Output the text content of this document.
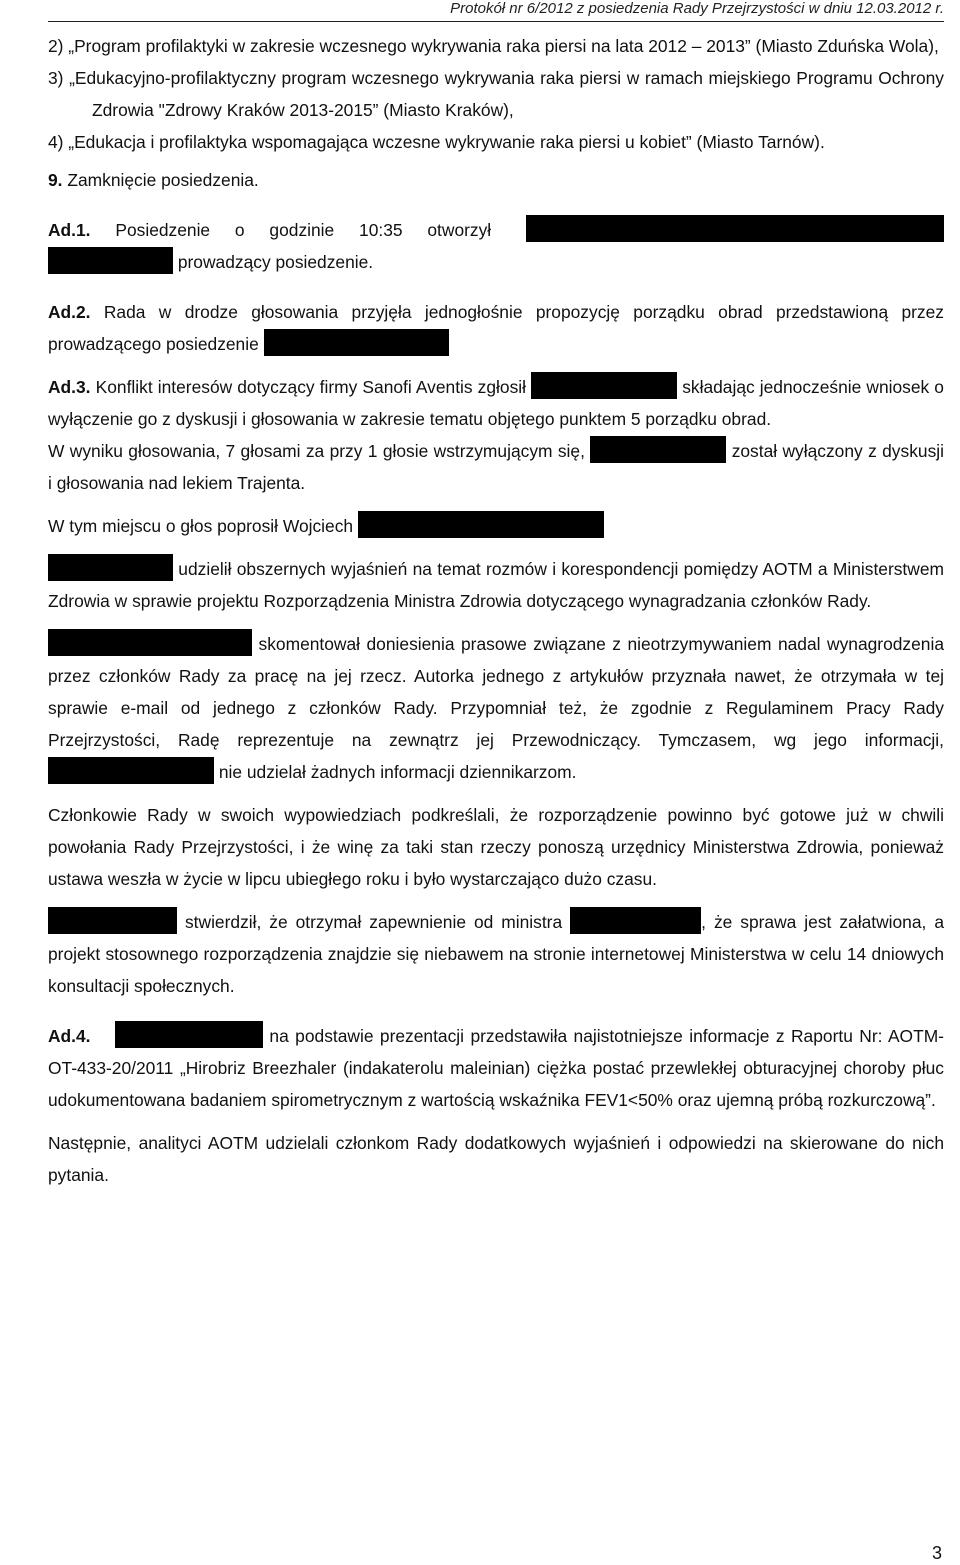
Protokół nr 6/2012 z posiedzenia Rady Przejrzystości w dniu 12.03.2012 r.

2) „Program profilaktyki w zakresie wczesnego wykrywania raka piersi na lata 2012 – 2013” (Miasto Zduńska Wola),

3) „Edukacyjno-profilaktyczny program wczesnego wykrywania raka piersi w ramach miejskiego Programu Ochrony Zdrowia "Zdrowy Kraków 2013-2015” (Miasto Kraków),

4) „Edukacja i profilaktyka wspomagająca wczesne wykrywanie raka piersi u kobiet” (Miasto Tarnów).

9. Zamknięcie posiedzenia.

Ad.1. Posiedzenie o godzinie 10:35 otworzył   prowadzący posiedzenie.

Ad.2. Rada w drodze głosowania przyjęła jednogłośnie propozycję porządku obrad przedstawioną przez prowadzącego posiedzenie

Ad.3. Konflikt interesów dotyczący firmy Sanofi Aventis zgłosił	składając jednocześnie wniosek o wyłączenie go z dyskusji i głosowania w zakresie tematu objętego punktem 5 porządku obrad.

W wyniku głosowania, 7 głosami za przy 1 głosie wstrzymującym się,	został wyłączony z dyskusji i głosowania nad lekiem Trajenta.

W tym miejscu o głos poprosił Wojciech

udzielił obszernych wyjaśnień na temat rozmów i korespondencji pomiędzy AOTM a Ministerstwem Zdrowia w sprawie projektu Rozporządzenia Ministra Zdrowia dotyczącego wynagradzania członków Rady.

skomentował doniesienia prasowe związane z nieotrzymywaniem nadal wynagrodzenia przez członków Rady za pracę na jej rzecz. Autorka jednego z artykułów przyznała nawet, że otrzymała w tej sprawie e-mail od jednego z członków Rady. Przypomniał też, że zgodnie z Regulaminem Pracy Rady Przejrzystości, Radę reprezentuje na zewnątrz jej Przewodniczący. Tymczasem, wg jego informacji,  nie udzielał żadnych informacji dziennikarzom.

Członkowie Rady w swoich wypowiedziach podkreślali, że rozporządzenie powinno być gotowe już w chwili powołania Rady Przejrzystości, i że winę za taki stan rzeczy ponoszą urzędnicy Ministerstwa Zdrowia, ponieważ ustawa weszła w życie w lipcu ubiegłego roku i było wystarczająco dużo czasu.

stwierdził, że otrzymał zapewnienie od ministra	, że sprawa jest załatwiona, a projekt stosownego rozporządzenia znajdzie się niebawem na stronie internetowej Ministerstwa w celu 14 dniowych konsultacji społecznych.

Ad.4.	na podstawie prezentacji przedstawiła najistotniejsze informacje z Raportu Nr: AOTM-OT-433-20/2011 „Hirobriz Breezhaler (indakaterolu maleinian) ciężka postać przewlekłej obturacyjnej choroby płuc udokumentowana badaniem spirometrycznym z wartością wskaźnika FEV1<50% oraz ujemną próbą rozkurczową”.

Następnie, analityci AOTM udzielali członkom Rady dodatkowych wyjaśnień i odpowiedzi na skierowane do nich pytania.

3
